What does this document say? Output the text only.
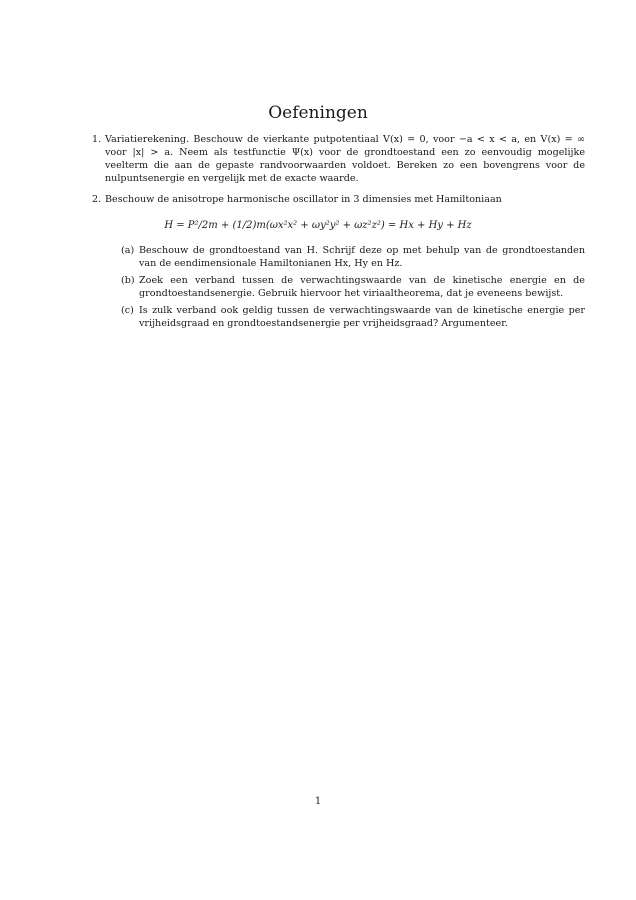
Oefeningen
1. Variatierekening. Beschouw de vierkante putpotentiaal V(x) = 0, voor −a < x < a, en V(x) = ∞ voor |x| > a. Neem als testfunctie Ψ(x) voor de grondtoestand een zo eenvoudig mogelijke veelterm die aan de gepaste randvoorwaarden voldoet. Bereken zo een bovengrens voor de nulpuntsenergie en vergelijk met de exacte waarde.
2. Beschouw de anisotrope harmonische oscillator in 3 dimensies met Hamiltoniaan
H = P²/2m + (1/2)m(ωx²x² + ωy²y² + ωz²z²) = Hx + Hy + Hz
(a) Beschouw de grondtoestand van H. Schrijf deze op met behulp van de grondtoestanden van de eendimensionale Hamiltonianen Hx, Hy en Hz.
(b) Zoek een verband tussen de verwachtingswaarde van de kinetische energie en de grondtoestandsenergie. Gebruik hiervoor het viriaaltheorema, dat je eveneens bewijst.
(c) Is zulk verband ook geldig tussen de verwachtingswaarde van de kinetische energie per vrijheidsgraad en grondtoestandsenergie per vrijheidsgraad? Argumenteer.
1
